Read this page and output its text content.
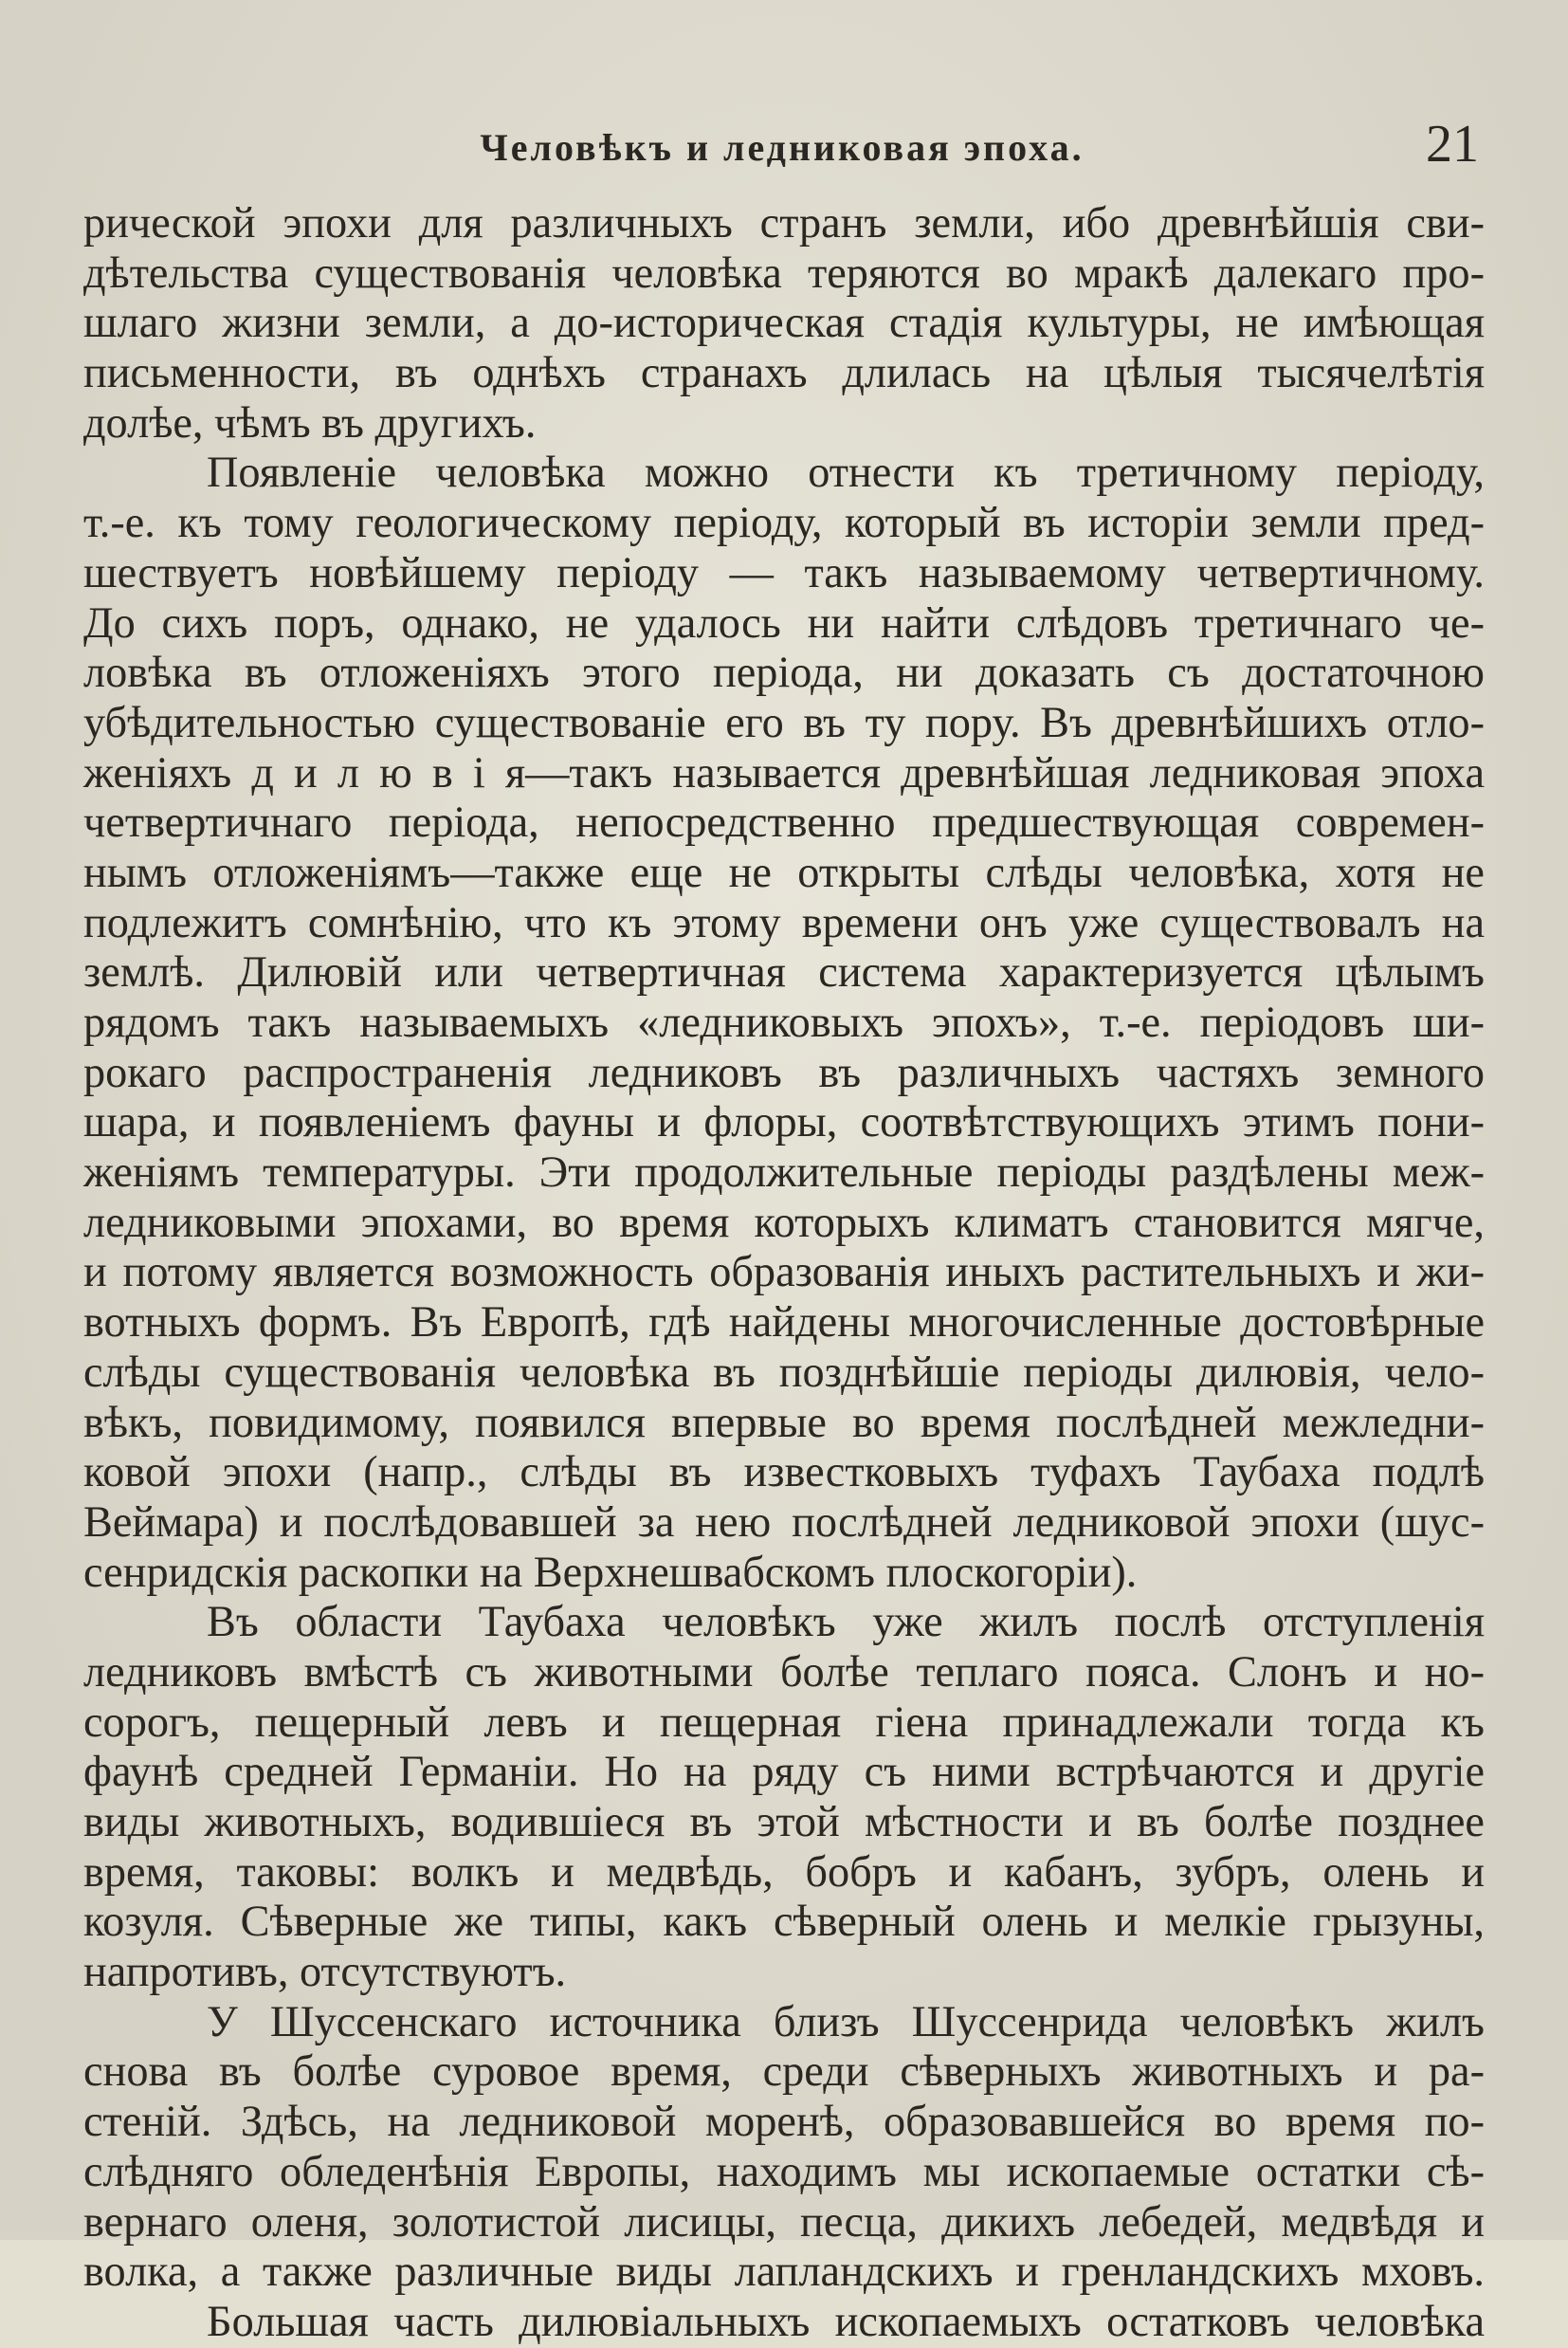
Человѣкъ и ледниковая эпоха.	21
рической эпохи для различныхъ странъ земли, ибо древнѣйшія сви-
дѣтельства существованія человѣка теряются во мракѣ далекаго про-
шлаго жизни земли, а до-историческая стадія культуры, не имѣющая
письменности, въ однѣхъ странахъ длилась на цѣлыя тысячелѣтія
долѣе, чѣмъ въ другихъ.
Появленіе человѣка можно отнести къ третичному періоду,
т.-е. къ тому геологическому періоду, который въ исторіи земли пред-
шествуетъ новѣйшему періоду — такъ называемому четвертичному.
До сихъ поръ, однако, не удалось ни найти слѣдовъ третичнаго че-
ловѣка въ отложеніяхъ этого періода, ни доказать съ достаточною
убѣдительностью существованіе его въ ту пору. Въ древнѣйшихъ отло-
женіяхъ д и л ю в і я—такъ называется древнѣйшая ледниковая эпоха
четвертичнаго періода, непосредственно предшествующая современ-
нымъ отложеніямъ—также еще не открыты слѣды человѣка, хотя не
подлежитъ сомнѣнію, что къ этому времени онъ уже существовалъ на
землѣ. Дилювій или четвертичная система характеризуется цѣлымъ
рядомъ такъ называемыхъ «ледниковыхъ эпохъ», т.-е. періодовъ ши-
рокаго распространенія ледниковъ въ различныхъ частяхъ земного
шара, и появленіемъ фауны и флоры, соотвѣтствующихъ этимъ пони-
женіямъ температуры. Эти продолжительные періоды раздѣлены меж-
ледниковыми эпохами, во время которыхъ климатъ становится мягче,
и потому является возможность образованія иныхъ растительныхъ и жи-
вотныхъ формъ. Въ Европѣ, гдѣ найдены многочисленные достовѣрные
слѣды существованія человѣка въ позднѣйшіе періоды дилювія, чело-
вѣкъ, повидимому, появился впервые во время послѣдней межледни-
ковой эпохи (напр., слѣды въ известковыхъ туфахъ Таубаха подлѣ
Веймара) и послѣдовавшей за нею послѣдней ледниковой эпохи (шус-
сенридскія раскопки на Верхнешвабскомъ плоскогоріи).
Въ области Таубаха человѣкъ уже жилъ послѣ отступленія
ледниковъ вмѣстѣ съ животными болѣе теплаго пояса. Слонъ и но-
сорогъ, пещерный левъ и пещерная гіена принадлежали тогда къ
фаунѣ средней Германіи. Но на ряду съ ними встрѣчаются и другіе
виды животныхъ, водившіеся въ этой мѣстности и въ болѣе позднее
время, таковы: волкъ и медвѣдь, бобръ и кабанъ, зубръ, олень и
козуля. Сѣверные же типы, какъ сѣверный олень и мелкіе грызуны,
напротивъ, отсутствуютъ.
У Шуссенскаго источника близъ Шуссенрида человѣкъ жилъ
снова въ болѣе суровое время, среди сѣверныхъ животныхъ и ра-
стеній. Здѣсь, на ледниковой моренѣ, образовавшейся во время по-
слѣдняго обледенѣнія Европы, находимъ мы ископаемые остатки сѣ-
вернаго оленя, золотистой лисицы, песца, дикихъ лебедей, медвѣдя и
волка, а также различные виды лапландскихъ и гренландскихъ мховъ.
Большая часть дилювіальныхъ ископаемыхъ остатковъ человѣка
